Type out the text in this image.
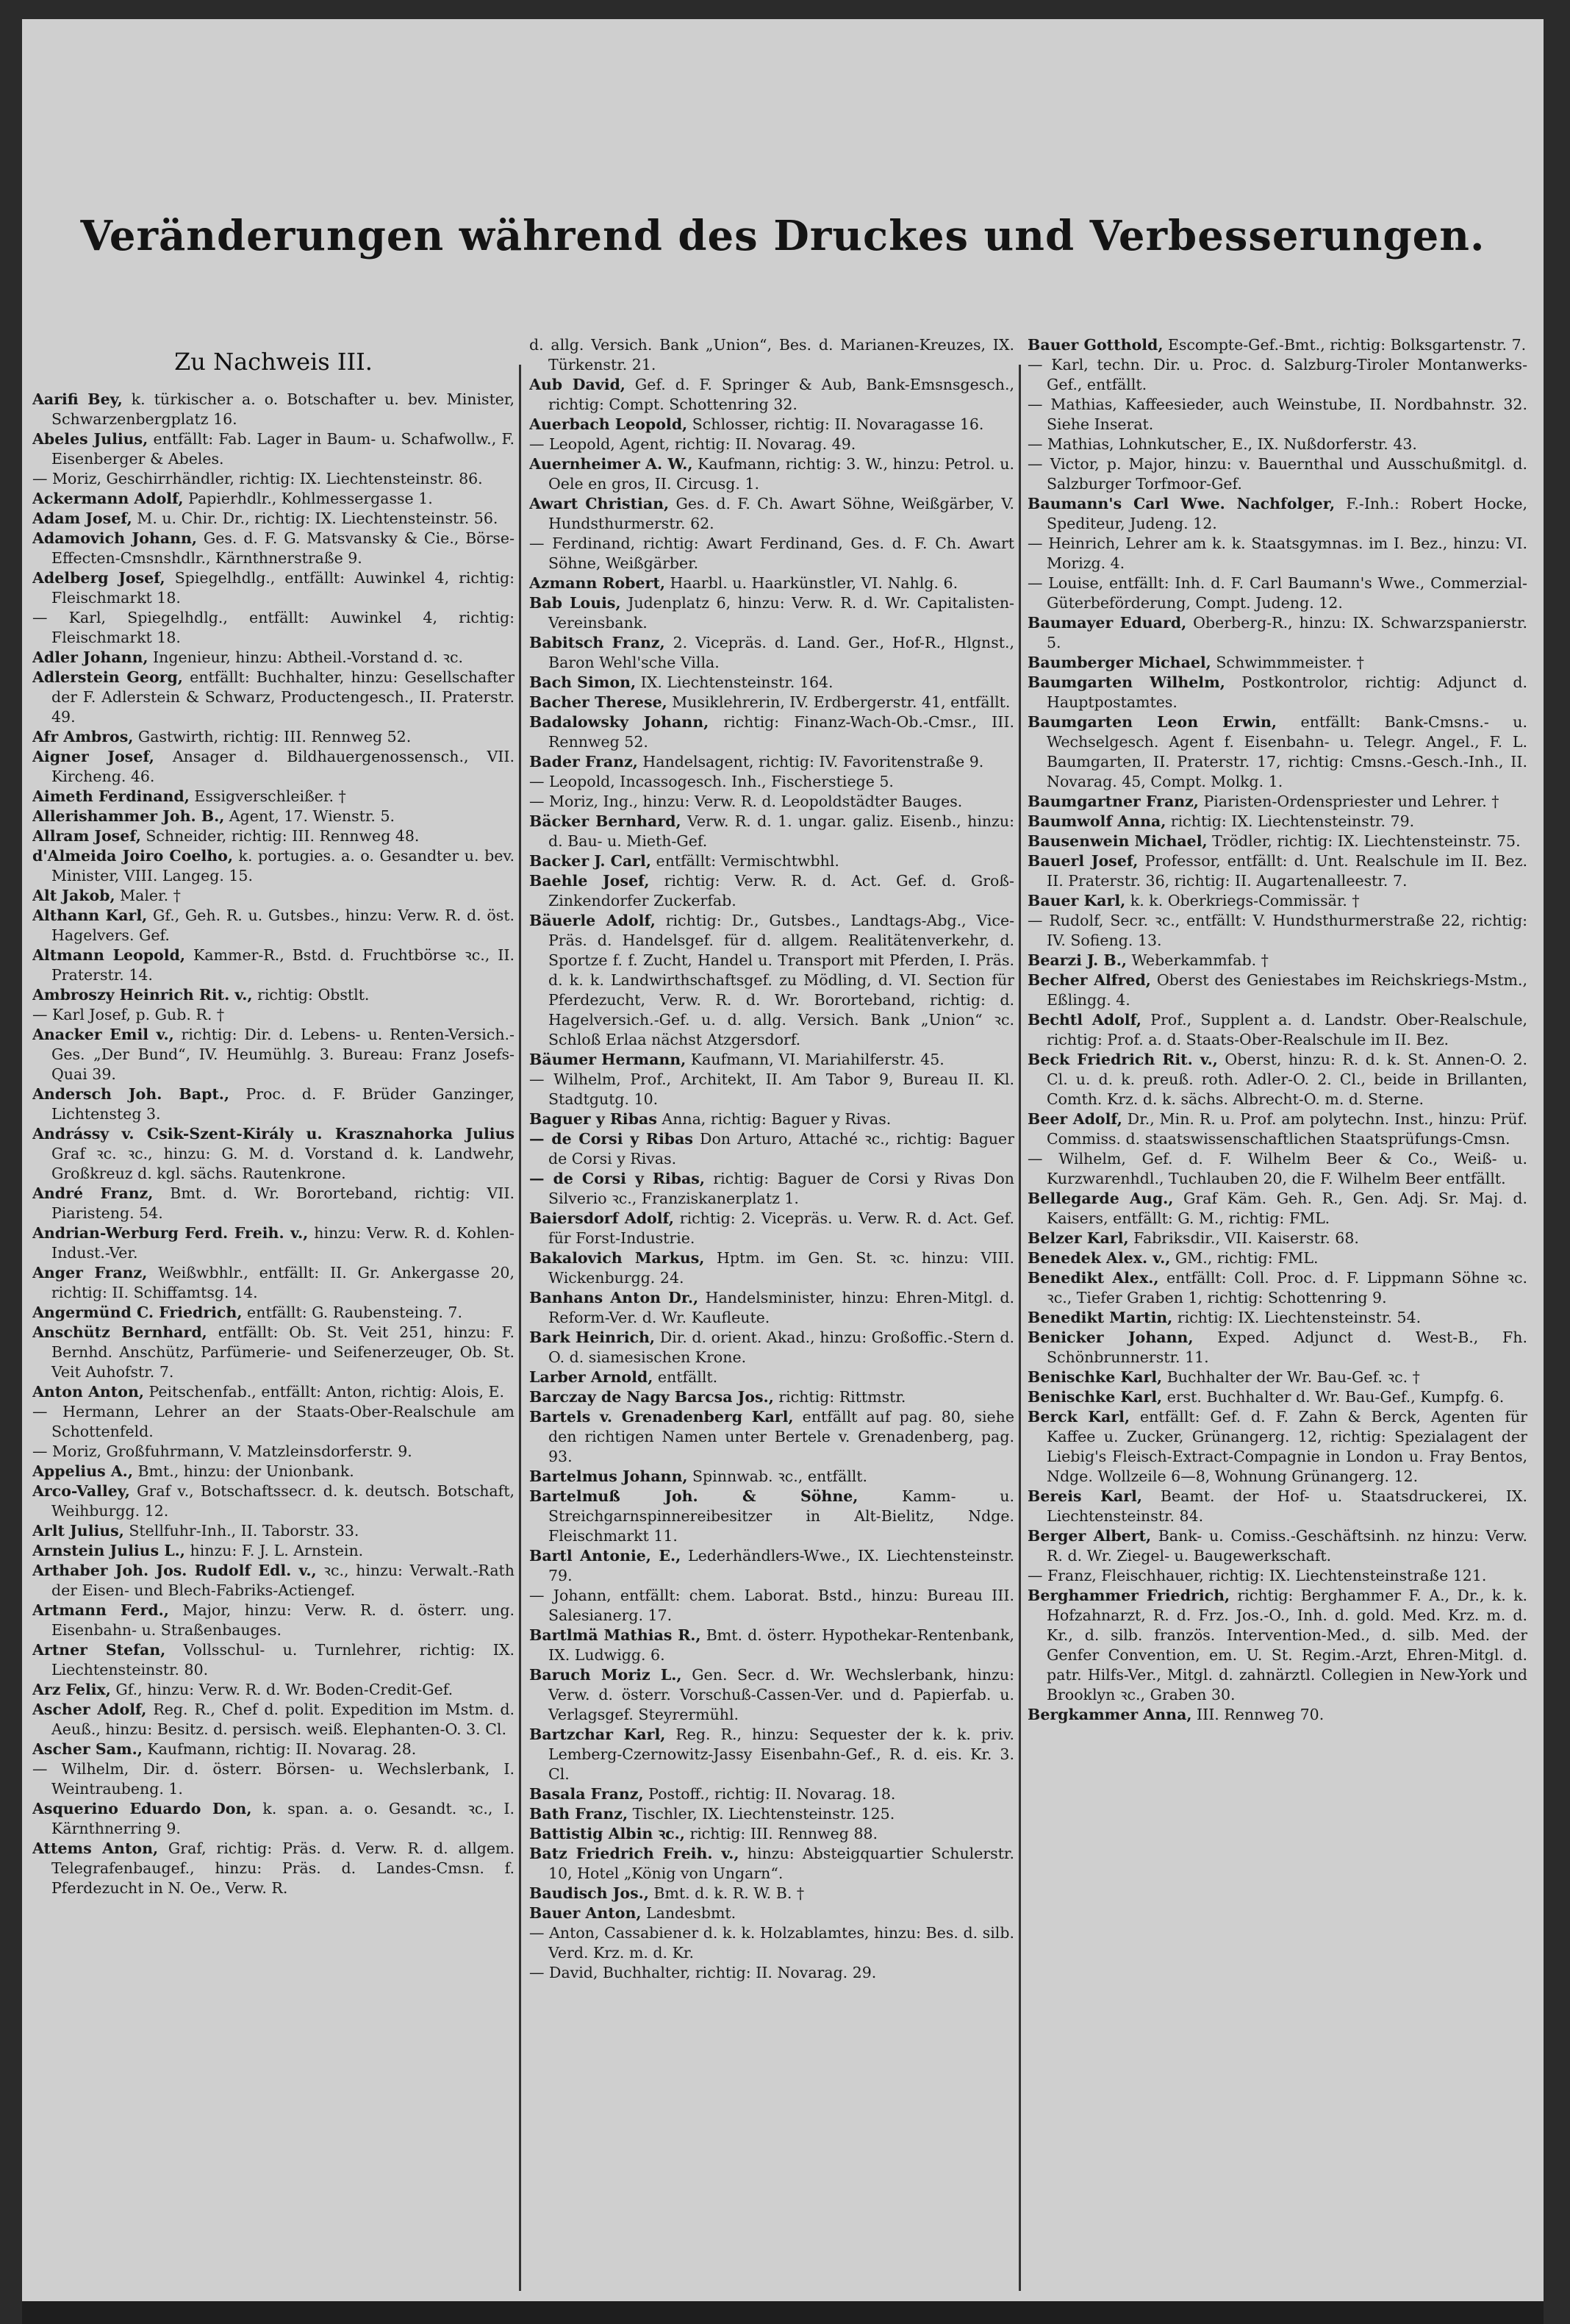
Veränderungen während des Druckes und Verbesserungen.
Zu Nachweis III.

Aarifi Bey, k. türkischer a. o. Botschafter u. bev. Minister, Schwarzenbergplatz 16.

Abeles Julius, entfällt: Fab. Lager in Baum- u. Schafwollw., F. Eisenberger & Abeles.

— Moriz, Geschirrhändler, richtig: IX. Liechtensteinstr. 86.

Ackermann Adolf, Papierhdlr., Kohlmessergasse 1.

Adam Josef, M. u. Chir. Dr., richtig: IX. Liechtensteinstr. 56.

Adamovich Johann, Ges. d. F. G. Matsvansky & Cie., Börse-Effecten-Cmsnshdlr., Kärnthnerstraße 9.

Adelberg Josef, Spiegelhdlg., entfällt: Auwinkel 4, richtig: Fleischmarkt 18.

— Karl, Spiegelhdlg., entfällt: Auwinkel 4, richtig: Fleischmarkt 18.

Adler Johann, Ingenieur, hinzu: Abtheil.-Vorstand d. ꝛc.

Adlerstein Georg, entfällt: Buchhalter, hinzu: Gesellschafter der F. Adlerstein & Schwarz, Productengesch., II. Praterstr. 49.

Afr Ambros, Gastwirth, richtig: III. Rennweg 52.

Aigner Josef, Ansager d. Bildhauergenossensch., VII. Kircheng. 46.

Aimeth Ferdinand, Essigverschleißer. †

Allerishammer Joh. B., Agent, 17. Wienstr. 5.

Allram Josef, Schneider, richtig: III. Rennweg 48.

d'Almeida Joiro Coelho, k. portugies. a. o. Gesandter u. bev. Minister, VIII. Langeg. 15.

Alt Jakob, Maler. †

Althann Karl, Gf., Geh. R. u. Gutsbes., hinzu: Verw. R. d. öst. Hagelvers. Gef.

Altmann Leopold, Kammer-R., Bstd. d. Fruchtbörse ꝛc., II. Praterstr. 14.

Ambroszy Heinrich Rit. v., richtig: Obstlt.

— Karl Josef, p. Gub. R. †

Anacker Emil v., richtig: Dir. d. Lebens- u. Renten-Versich.-Ges. „Der Bund“, IV. Heumühlg. 3. Bureau: Franz Josefs-Quai 39.

Andersch Joh. Bapt., Proc. d. F. Brüder Ganzinger, Lichtensteg 3.

Andrássy v. Csik-Szent-Király u. Krasznahorka Julius Graf ꝛc. ꝛc., hinzu: G. M. d. Vorstand d. k. Landwehr, Großkreuz d. kgl. sächs. Rautenkrone.

André Franz, Bmt. d. Wr. Bororteband, richtig: VII. Piaristeng. 54.

Andrian-Werburg Ferd. Freih. v., hinzu: Verw. R. d. Kohlen-Indust.-Ver.

Anger Franz, Weißwbhlr., entfällt: II. Gr. Ankergasse 20, richtig: II. Schiffamtsg. 14.

Angermünd C. Friedrich, entfällt: G. Raubensteing. 7.

Anschütz Bernhard, entfällt: Ob. St. Veit 251, hinzu: F. Bernhd. Anschütz, Parfümerie- und Seifenerzeuger, Ob. St. Veit Auhofstr. 7.

Anton Anton, Peitschenfab., entfällt: Anton, richtig: Alois, E.

— Hermann, Lehrer an der Staats-Ober-Realschule am Schottenfeld.

— Moriz, Großfuhrmann, V. Matzleinsdorferstr. 9.

Appelius A., Bmt., hinzu: der Unionbank.

Arco-Valley, Graf v., Botschaftssecr. d. k. deutsch. Botschaft, Weihburgg. 12.

Arlt Julius, Stellfuhr-Inh., II. Taborstr. 33.

Arnstein Julius L., hinzu: F. J. L. Arnstein.

Arthaber Joh. Jos. Rudolf Edl. v., ꝛc., hinzu: Verwalt.-Rath der Eisen- und Blech-Fabriks-Actiengef.

Artmann Ferd., Major, hinzu: Verw. R. d. österr. ung. Eisenbahn- u. Straßenbauges.

Artner Stefan, Vollsschul- u. Turnlehrer, richtig: IX. Liechtensteinstr. 80.

Arz Felix, Gf., hinzu: Verw. R. d. Wr. Boden-Credit-Gef.

Ascher Adolf, Reg. R., Chef d. polit. Expedition im Mstm. d. Aeuß., hinzu: Besitz. d. persisch. weiß. Elephanten-O. 3. Cl.

Ascher Sam., Kaufmann, richtig: II. Novarag. 28.

— Wilhelm, Dir. d. österr. Börsen- u. Wechslerbank, I. Weintraubeng. 1.

Asquerino Eduardo Don, k. span. a. o. Gesandt. ꝛc., I. Kärnthnerring 9.

Attems Anton, Graf, richtig: Präs. d. Verw. R. d. allgem. Telegrafenbaugef., hinzu: Präs. d. Landes-Cmsn. f. Pferdezucht in N. Oe., Verw. R.

d. allg. Versich. Bank „Union“, Bes. d. Marianen-Kreuzes, IX. Türkenstr. 21.

Aub David, Gef. d. F. Springer & Aub, Bank-Emsnsgesch., richtig: Compt. Schottenring 32.

Auerbach Leopold, Schlosser, richtig: II. Novaragasse 16.

— Leopold, Agent, richtig: II. Novarag. 49.

Auernheimer A. W., Kaufmann, richtig: 3. W., hinzu: Petrol. u. Oele en gros, II. Circusg. 1.

Awart Christian, Ges. d. F. Ch. Awart Söhne, Weißgärber, V. Hundsthurmerstr. 62.

— Ferdinand, richtig: Awart Ferdinand, Ges. d. F. Ch. Awart Söhne, Weißgärber.

Azmann Robert, Haarbl. u. Haarkünstler, VI. Nahlg. 6.

Bab Louis, Judenplatz 6, hinzu: Verw. R. d. Wr. Capitalisten-Vereinsbank.

Babitsch Franz, 2. Vicepräs. d. Land. Ger., Hof-R., Hlgnst., Baron Wehl'sche Villa.

Bach Simon, IX. Liechtensteinstr. 164.

Bacher Therese, Musiklehrerin, IV. Erdbergerstr. 41, entfällt.

Badalowsky Johann, richtig: Finanz-Wach-Ob.-Cmsr., III. Rennweg 52.

Bader Franz, Handelsagent, richtig: IV. Favoritenstraße 9.

— Leopold, Incassogesch. Inh., Fischerstiege 5.

— Moriz, Ing., hinzu: Verw. R. d. Leopoldstädter Bauges.

Bäcker Bernhard, Verw. R. d. 1. ungar. galiz. Eisenb., hinzu: d. Bau- u. Mieth-Gef.

Backer J. Carl, entfällt: Vermischtwbhl.

Baehle Josef, richtig: Verw. R. d. Act. Gef. d. Groß-Zinkendorfer Zuckerfab.

Bäuerle Adolf, richtig: Dr., Gutsbes., Landtags-Abg., Vice-Präs. d. Handelsgef. für d. allgem. Realitätenverkehr, d. Sportze f. f. Zucht, Handel u. Transport mit Pferden, I. Präs. d. k. k. Landwirthschaftsgef. zu Mödling, d. VI. Section für Pferdezucht, Verw. R. d. Wr. Bororteband, richtig: d. Hagelversich.-Gef. u. d. allg. Versich. Bank „Union“ ꝛc. Schloß Erlaa nächst Atzgersdorf.

Bäumer Hermann, Kaufmann, VI. Mariahilferstr. 45.

— Wilhelm, Prof., Architekt, II. Am Tabor 9, Bureau II. Kl. Stadtgutg. 10.

Baguer y Ribas Anna, richtig: Baguer y Rivas.

— de Corsi y Ribas Don Arturo, Attaché ꝛc., richtig: Baguer de Corsi y Rivas.

— de Corsi y Ribas, richtig: Baguer de Corsi y Rivas Don Silverio ꝛc., Franziskanerplatz 1.

Baiersdorf Adolf, richtig: 2. Vicepräs. u. Verw. R. d. Act. Gef. für Forst-Industrie.

Bakalovich Markus, Hptm. im Gen. St. ꝛc. hinzu: VIII. Wickenburgg. 24.

Banhans Anton Dr., Handelsminister, hinzu: Ehren-Mitgl. d. Reform-Ver. d. Wr. Kaufleute.

Bark Heinrich, Dir. d. orient. Akad., hinzu: Großoffic.-Stern d. O. d. siamesischen Krone.

Larber Arnold, entfällt.

Barczay de Nagy Barcsa Jos., richtig: Rittmstr.

Bartels v. Grenadenberg Karl, entfällt auf pag. 80, siehe den richtigen Namen unter Bertele v. Grenadenberg, pag. 93.

Bartelmus Johann, Spinnwab. ꝛc., entfällt.

Bartelmuß Joh. & Söhne, Kamm- u. Streichgarnspinnereibesitzer in Alt-Bielitz, Ndge. Fleischmarkt 11.

Bartl Antonie, E., Lederhändlers-Wwe., IX. Liechtensteinstr. 79.

— Johann, entfällt: chem. Laborat. Bstd., hinzu: Bureau III. Salesianerg. 17.

Bartlmä Mathias R., Bmt. d. österr. Hypothekar-Rentenbank, IX. Ludwigg. 6.

Baruch Moriz L., Gen. Secr. d. Wr. Wechslerbank, hinzu: Verw. d. österr. Vorschuß-Cassen-Ver. und d. Papierfab. u. Verlagsgef. Steyrermühl.

Bartzchar Karl, Reg. R., hinzu: Sequester der k. k. priv. Lemberg-Czernowitz-Jassy Eisenbahn-Gef., R. d. eis. Kr. 3. Cl.

Basala Franz, Postoff., richtig: II. Novarag. 18.

Bath Franz, Tischler, IX. Liechtensteinstr. 125.

Battistig Albin ꝛc., richtig: III. Rennweg 88.

Batz Friedrich Freih. v., hinzu: Absteigquartier Schulerstr. 10, Hotel „König von Ungarn“.

Baudisch Jos., Bmt. d. k. R. W. B. †

Bauer Anton, Landesbmt.

— Anton, Cassabiener d. k. k. Holzablamtes, hinzu: Bes. d. silb. Verd. Krz. m. d. Kr.

— David, Buchhalter, richtig: II. Novarag. 29.

Bauer Gotthold, Escompte-Gef.-Bmt., richtig: Bolksgartenstr. 7.

— Karl, techn. Dir. u. Proc. d. Salzburg-Tiroler Montanwerks-Gef., entfällt.

— Mathias, Kaffeesieder, auch Weinstube, II. Nordbahnstr. 32. Siehe Inserat.

— Mathias, Lohnkutscher, E., IX. Nußdorferstr. 43.

— Victor, p. Major, hinzu: v. Bauernthal und Ausschußmitgl. d. Salzburger Torfmoor-Gef.

Baumann's Carl Wwe. Nachfolger, F.-Inh.: Robert Hocke, Spediteur, Judeng. 12.

— Heinrich, Lehrer am k. k. Staatsgymnas. im I. Bez., hinzu: VI. Morizg. 4.

— Louise, entfällt: Inh. d. F. Carl Baumann's Wwe., Commerzial-Güterbeförderung, Compt. Judeng. 12.

Baumayer Eduard, Oberberg-R., hinzu: IX. Schwarzspanierstr. 5.

Baumberger Michael, Schwimmmeister. †

Baumgarten Wilhelm, Postkontrolor, richtig: Adjunct d. Hauptpostamtes.

Baumgarten Leon Erwin, entfällt: Bank-Cmsns.- u. Wechselgesch. Agent f. Eisenbahn- u. Telegr. Angel., F. L. Baumgarten, II. Praterstr. 17, richtig: Cmsns.-Gesch.-Inh., II. Novarag. 45, Compt. Molkg. 1.

Baumgartner Franz, Piaristen-Ordenspriester und Lehrer. †

Baumwolf Anna, richtig: IX. Liechtensteinstr. 79.

Bausenwein Michael, Trödler, richtig: IX. Liechtensteinstr. 75.

Bauerl Josef, Professor, entfällt: d. Unt. Realschule im II. Bez. II. Praterstr. 36, richtig: II. Augartenalleestr. 7.

Bauer Karl, k. k. Oberkriegs-Commissär. †

— Rudolf, Secr. ꝛc., entfällt: V. Hundsthurmerstraße 22, richtig: IV. Sofieng. 13.

Bearzi J. B., Weberkammfab. †

Becher Alfred, Oberst des Geniestabes im Reichskriegs-Mstm., Eßlingg. 4.

Bechtl Adolf, Prof., Supplent a. d. Landstr. Ober-Realschule, richtig: Prof. a. d. Staats-Ober-Realschule im II. Bez.

Beck Friedrich Rit. v., Oberst, hinzu: R. d. k. St. Annen-O. 2. Cl. u. d. k. preuß. roth. Adler-O. 2. Cl., beide in Brillanten, Comth. Krz. d. k. sächs. Albrecht-O. m. d. Sterne.

Beer Adolf, Dr., Min. R. u. Prof. am polytechn. Inst., hinzu: Prüf. Commiss. d. staatswissenschaftlichen Staatsprüfungs-Cmsn.

— Wilhelm, Gef. d. F. Wilhelm Beer & Co., Weiß- u. Kurzwarenhdl., Tuchlauben 20, die F. Wilhelm Beer entfällt.

Bellegarde Aug., Graf Käm. Geh. R., Gen. Adj. Sr. Maj. d. Kaisers, entfällt: G. M., richtig: FML.

Belzer Karl, Fabriksdir., VII. Kaiserstr. 68.

Benedek Alex. v., GM., richtig: FML.

Benedikt Alex., entfällt: Coll. Proc. d. F. Lippmann Söhne ꝛc. ꝛc., Tiefer Graben 1, richtig: Schottenring 9.

Benedikt Martin, richtig: IX. Liechtensteinstr. 54.

Benicker Johann, Exped. Adjunct d. West-B., Fh. Schönbrunnerstr. 11.

Benischke Karl, Buchhalter der Wr. Bau-Gef. ꝛc. †

Benischke Karl, erst. Buchhalter d. Wr. Bau-Gef., Kumpfg. 6.

Berck Karl, entfällt: Gef. d. F. Zahn & Berck, Agenten für Kaffee u. Zucker, Grünangerg. 12, richtig: Spezialagent der Liebig's Fleisch-Extract-Compagnie in London u. Fray Bentos, Ndge. Wollzeile 6—8, Wohnung Grünangerg. 12.

Bereis Karl, Beamt. der Hof- u. Staatsdruckerei, IX. Liechtensteinstr. 84.

Berger Albert, Bank- u. Comiss.-Geschäftsinh. nz hinzu: Verw. R. d. Wr. Ziegel- u. Baugewerkschaft.

— Franz, Fleischhauer, richtig: IX. Liechtensteinstraße 121.

Berghammer Friedrich, richtig: Berghammer F. A., Dr., k. k. Hofzahnarzt, R. d. Frz. Jos.-O., Inh. d. gold. Med. Krz. m. d. Kr., d. silb. französ. Intervention-Med., d. silb. Med. der Genfer Convention, em. U. St. Regim.-Arzt, Ehren-Mitgl. d. patr. Hilfs-Ver., Mitgl. d. zahnärztl. Collegien in New-York und Brooklyn ꝛc., Graben 30.

Bergkammer Anna, III. Rennweg 70.
